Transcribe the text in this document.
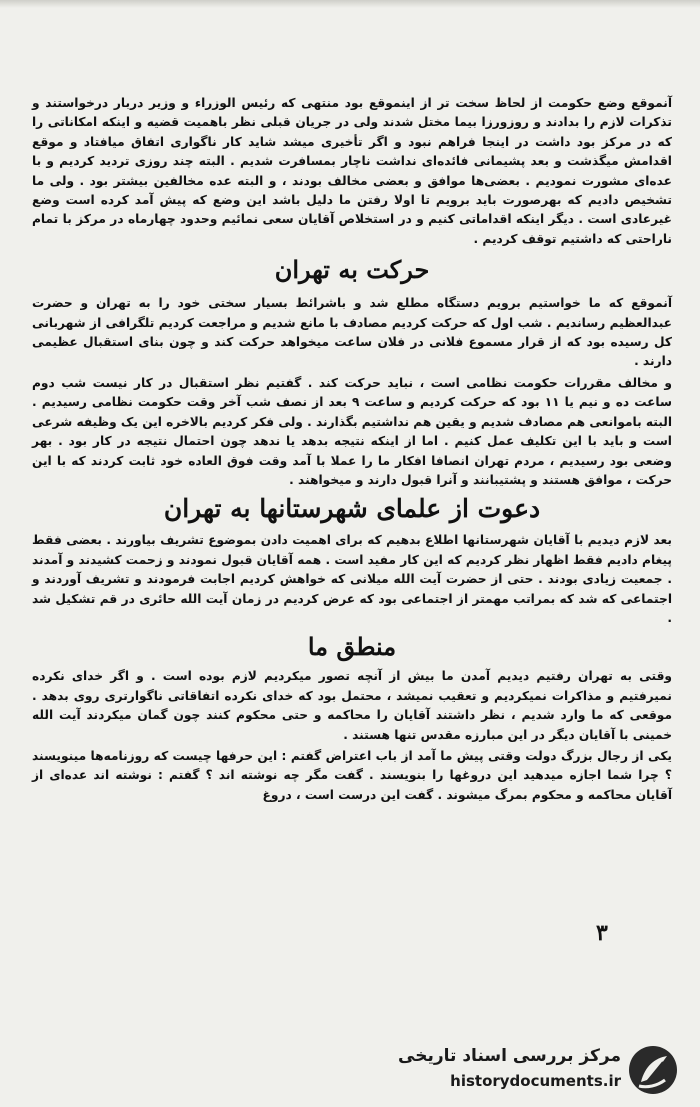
آنموقع وضع حکومت از لحاظ سخت تر از اینموقع بود منتهی که رئیس الوزراء و وزیر دربار درخواستند و تذکرات لازم را بدادند و روزورزا بیما مختل شدند ولی در جریان قبلی نظر باهمیت قضیه و اینکه امکاناتی را که در مرکز بود داشت در اینجا فراهم نبود و اگر تأخیری میشد شاید کار ناگواری اتفاق میافتاد و موقع اقدامش میگذشت و بعد پشیمانی فائده‌ای نداشت ناچار بمسافرت شدیم . البته چند روزی تردید کردیم و با عده‌ای مشورت نمودیم . بعضی‌ها موافق و بعضی مخالف بودند ، و البته عده مخالفین بیشتر بود . ولی ما تشخیص دادیم که بهرصورت باید برویم تا اولا رفتن ما دلیل باشد این وضع که پیش آمد کرده است وضع غیرعادی است . دیگر اینکه اقداماتی کنیم و در استخلاص آقایان سعی نمائیم وحدود چهارماه در مرکز با تمام ناراحتی که داشتیم توقف کردیم .

حرکت به تهران

آنموقع که ما خواستیم برویم دستگاه مطلع شد و باشرائط بسیار سختی خود را به تهران و حضرت عبدالعظیم رساندیم . شب اول که حرکت کردیم مصادف با مانع شدیم و مراجعت کردیم تلگرافی از شهربانی کل رسیده بود که از قرار مسموع فلانی در فلان ساعت میخواهد حرکت کند و چون بنای استقبال عظیمی دارند .

و مخالف مقررات حکومت نظامی است ، نباید حرکت کند . گفتیم نظر استقبال در کار نیست شب دوم ساعت ده و نیم یا ۱۱ بود که حرکت کردیم و ساعت ۹ بعد از نصف شب آخر وقت حکومت نظامی رسیدیم . البته باموانعی هم مصادف شدیم و یقین هم نداشتیم بگذارند . ولی فکر کردیم بالاخره این یک وظیفه شرعی است و باید با این تکلیف عمل کنیم . اما از اینکه نتیجه بدهد یا ندهد چون احتمال نتیجه در کار بود . بهر وضعی بود رسیدیم ، مردم تهران انصافا افکار ما را عملا با آمد وقت فوق العاده خود ثابت کردند که با این حرکت ، موافق هستند و پشتیبانند و آنرا قبول دارند و میخواهند .

دعوت از علمای شهرستانها به تهران

بعد لازم دیدیم با آقایان شهرستانها اطلاع بدهیم که برای اهمیت دادن بموضوع تشریف بیاورند . بعضی فقط پیغام دادیم فقط اظهار نظر کردیم که این کار مفید است . همه آقایان قبول نمودند و زحمت کشیدند و آمدند . جمعیت زیادی بودند . حتی از حضرت آیت الله میلانی که خواهش کردیم اجابت فرمودند و تشریف آوردند و اجتماعی که شد که بمراتب مهمتر از اجتماعی بود که عرض کردیم در زمان آیت الله حائری در قم تشکیل شد .

منطق ما

وقتی به تهران رفتیم دیدیم آمدن ما بیش از آنچه تصور میکردیم لازم بوده است . و اگر خدای نکرده نمیرفتیم و مذاکرات نمیکردیم و تعقیب نمیشد ، محتمل بود که خدای نکرده اتفاقاتی ناگوارتری روی بدهد . موقعی که ما وارد شدیم ، نظر داشتند آقایان را محاکمه و حتی محکوم کنند چون گمان میکردند آیت الله خمینی با آقایان دیگر در این مبارزه مقدس تنها هستند .

یکی از رجال بزرگ دولت وقتی پیش ما آمد از باب اعتراض گفتم : این حرفها چیست که روزنامه‌ها مینویسند ؟ چرا شما اجازه میدهید این دروغها را بنویسند . گفت مگر چه نوشته اند ؟ گفتم : نوشته اند عده‌ای از آقایان محاکمه و محکوم بمرگ میشوند . گفت این درست است ، دروغ

۳
مرکز بررسی اسناد تاریخی
historydocuments.ir
